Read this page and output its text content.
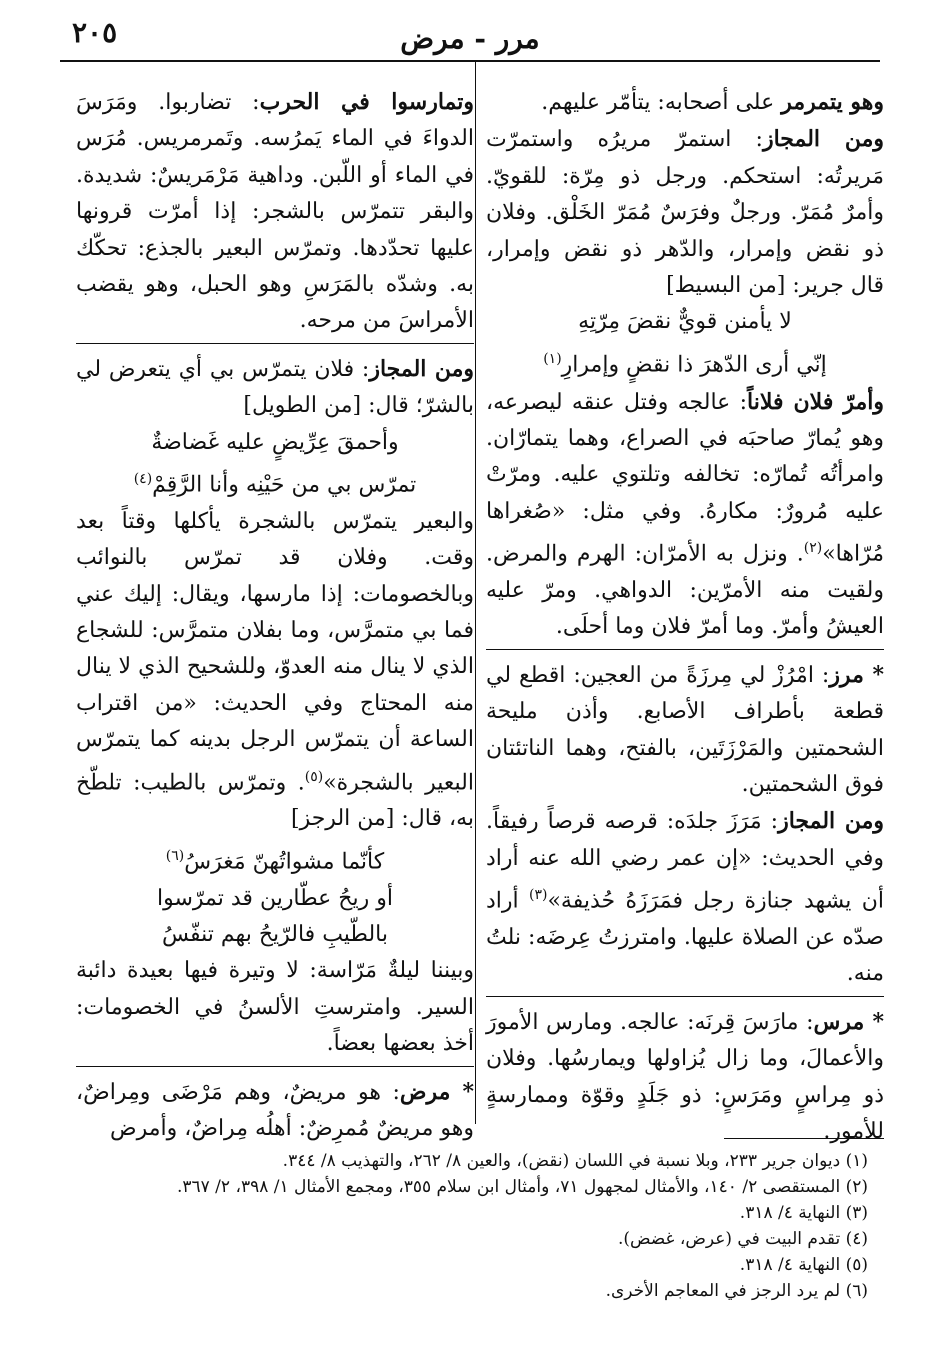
مرر - مرض
٢٠٥

وهو يتمرمر على أصحابه: يتأمّر عليهم.

ومن المجاز: استمرّ مريرُه واستمرّت مَريرتُه: استحكم. ورجل ذو مِرّة: للقويّ. وأمرٌ مُمَرّ. ورجلٌ وفرَسٌ مُمَرّ الخَلْق. وفلان ذو نقض وإمرار، والدّهر ذو نقض وإمرار، قال جرير: [من البسيط]

لا يأمنن قويٌّ نقضَ مِرّتِهِ
إنّي أرى الدّهرَ ذا نقضٍ وإمرارِ$^{(١)}$

وأمرّ فلان فلاناً: عالجه وفتل عنقه ليصرعه، وهو يُمارّ صاحبَه في الصراع، وهما يتمارّان. وامرأتُه تُمارّه: تخالفه وتلتوي عليه. ومرّتْ عليه مُرورٌ: مكارهُ. وفي مثل: «صُغراها مُرّاها»$^{(٢)}$. ونزل به الأمرّان: الهرم والمرض. ولقيت منه الأمرّين: الدواهي. ومرّ عليه العيشُ وأمرّ. وما أمرّ فلان وما أحلَى.

* مرز: امْرُزْ لي مِرزَةً من العجين: اقطع لي قطعة بأطراف الأصابع. وأذن مليحة الشحمتين والمَرْزَتَين، بالفتح، وهما الناتئتان فوق الشحمتين.

ومن المجاز: مَرَزَ جلدَه: قرصه قرصاً رفيقاً. وفي الحديث: «إن عمر رضي الله عنه أراد أن يشهد جنازة رجل فمَرَزَهُ حُذيفة»$^{(٣)}$ أراد صدّه عن الصلاة عليها. وامترزتُ عِرضَه: نلتُ منه.

* مرس: مارَسَ قِرنَه: عالجه. ومارس الأمورَ والأعمالَ، وما زال يُزاولها ويمارسُها. وفلان ذو مِراسٍ ومَرَسٍ: ذو جَلَدٍ وقوّة وممارسةٍ للأمور.

وتمارسوا في الحرب: تضاربوا. ومَرَسَ الدواءَ في الماء يَمرُسه. وتَمرمريس. مُرَس في الماء أو اللّبن. وداهية مَرْمَريسٌ: شديدة. والبقر تتمرّس بالشجر: إذا أمرّت قرونها عليها تحدّدها. وتمرّس البعير بالجذع: تحكّك به. وشدّه بالمَرَسِ وهو الحبل، وهو يقضب الأمراسَ من مرحه.

ومن المجاز: فلان يتمرّس بي أي يتعرض لي بالشرّ؛ قال: [من الطويل]

وأحمقَ عِرِّيضٍ عليه غَضاضةٌ
تمرّس بي من حَيْنِه وأنا الرَّقِمْ$^{(٤)}$

والبعير يتمرّس بالشجرة يأكلها وقتاً بعد وقت. وفلان قد تمرّس بالنوائب وبالخصومات: إذا مارسها، ويقال: إليك عني فما بي متمرَّس، وما بفلان متمرَّس: للشجاع الذي لا ينال منه العدوّ، وللشحيح الذي لا ينال منه المحتاج وفي الحديث: «من اقتراب الساعة أن يتمرّس الرجل بدينه كما يتمرّس البعير بالشجرة»$^{(٥)}$. وتمرّس بالطيب: تلطّخ به، قال: [من الرجز]

كأنّما مشواتُهنّ مَغرَسُ$^{(٦)}$
أو ريحُ عطّارين قد تمرّسوا
بالطّيبِ فالرّيحُ بهم تنفّسُ

وبيننا ليلةٌ مَرّاسة: لا وتيرة فيها بعيدة دائبة السير. وامترستِ الألسنُ في الخصومات: أخذ بعضها بعضاً.

* مرض: هو مريضٌ، وهم مَرْضَى ومِراضٌ، وهو مريضٌ مُمرِضٌ: أهلُه مِراضٌ، وأمرض

(١) ديوان جرير ٢٣٣، وبلا نسبة في اللسان (نقض)، والعين ٨/ ٢٦٢، والتهذيب ٨/ ٣٤٤.
(٢) المستقصى ٢/ ١٤٠، والأمثال لمجهول ٧١، وأمثال ابن سلام ٣٥٥، ومجمع الأمثال ١/ ٣٩٨، ٢/ ٣٦٧.
(٣) النهاية ٤/ ٣١٨.
(٤) تقدم البيت في (عرض، غضض).
(٥) النهاية ٤/ ٣١٨.
(٦) لم يرد الرجز في المعاجم الأخرى.
